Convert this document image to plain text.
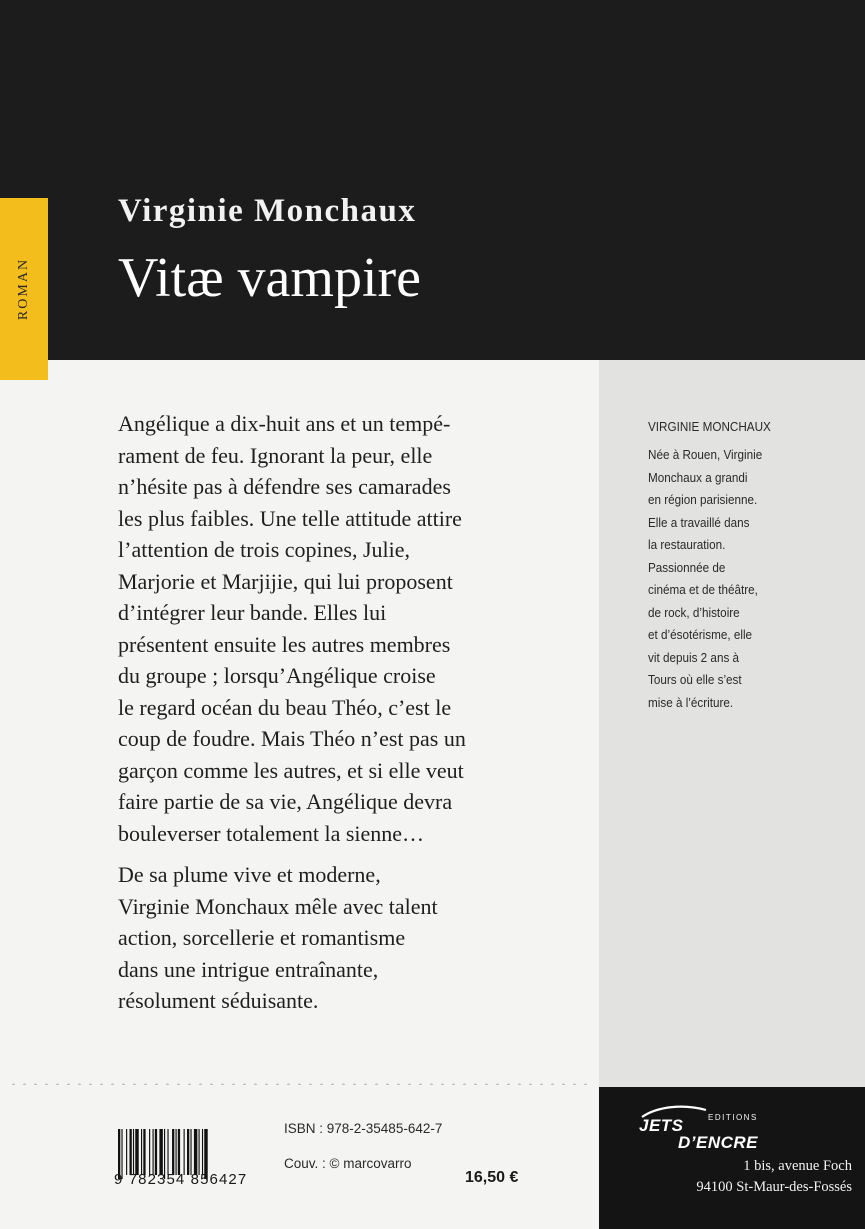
ROMAN
Virginie Monchaux
Vitæ vampire
VIRGINIE MONCHAUX
Née à Rouen, Virginie
Monchaux a grandi
en région parisienne.
Elle a travaillé dans
la restauration.
Passionnée de
cinéma et de théâtre,
de rock, d’histoire
et d’ésotérisme, elle
vit depuis 2 ans à
Tours où elle s’est
mise à l’écriture.
Angélique a dix-huit ans et un tempé-
rament de feu. Ignorant la peur, elle
n’hésite pas à défendre ses camarades
les plus faibles. Une telle attitude attire
l’attention de trois copines, Julie,
Marjorie et Marjijie, qui lui proposent
d’intégrer leur bande. Elles lui
présentent ensuite les autres membres
du groupe ; lorsqu’Angélique croise
le regard océan du beau Théo, c’est le
coup de foudre. Mais Théo n’est pas un
garçon comme les autres, et si elle veut
faire partie de sa vie, Angélique devra
bouleverser totalement la sienne…
De sa plume vive et moderne,
Virginie Monchaux mêle avec talent
action, sorcellerie et romantisme
dans une intrigue entraînante,
résolument séduisante.
EDITIONS
JETS
D’ENCRE
1 bis, avenue Foch
94100 St-Maur-des-Fossés
9 782354 856427
ISBN : 978-2-35485-642-7
Couv. : © marcovarro
16,50 €
